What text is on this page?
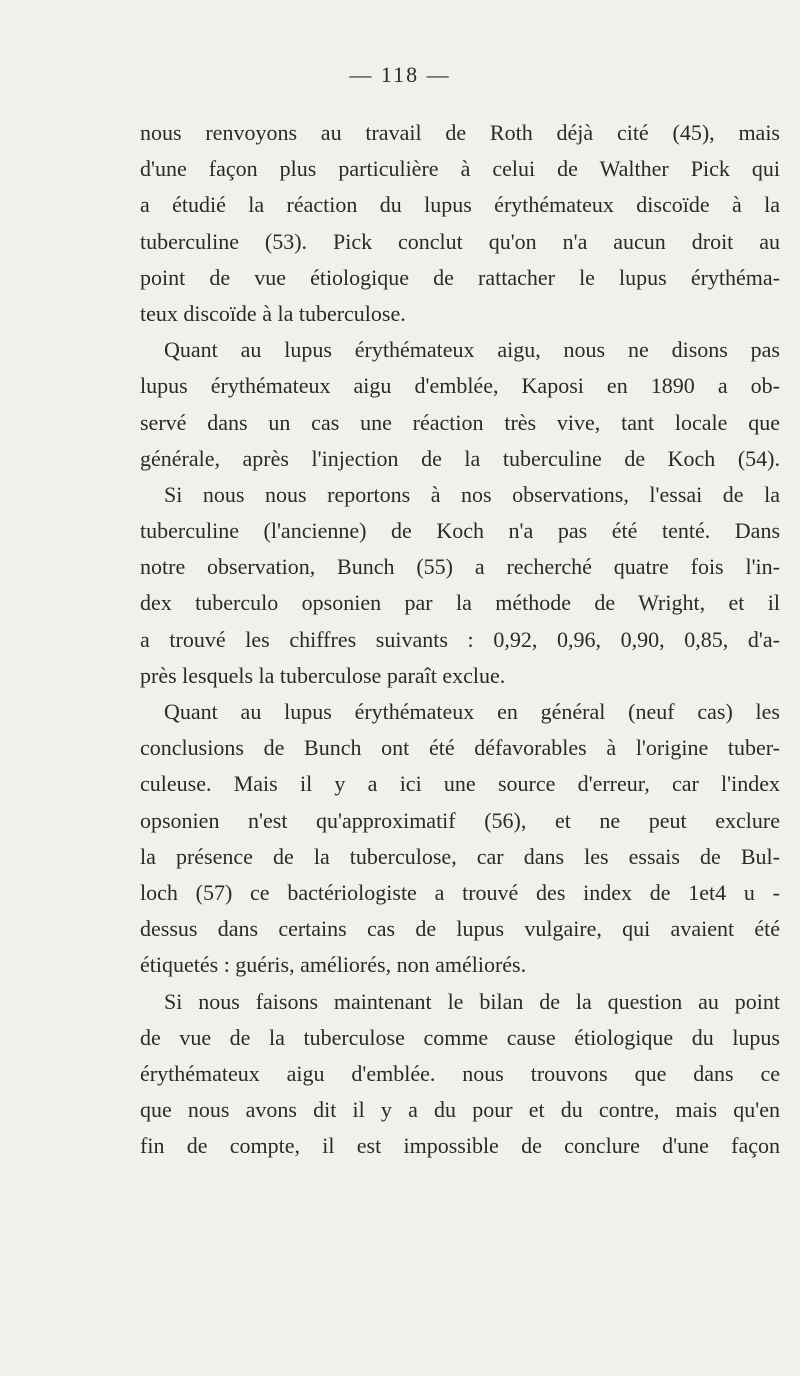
— 118 —
nous renvoyons au travail de Roth déjà cité (45), mais
d'une façon plus particulière à celui de Walther Pick qui
a étudié la réaction du lupus érythémateux discoïde à la
tuberculine (53). Pick conclut qu'on n'a aucun droit au
point de vue étiologique de rattacher le lupus érythéma-
teux discoïde à la tuberculose.
Quant au lupus érythémateux aigu, nous ne disons pas
lupus érythémateux aigu d'emblée, Kaposi en 1890 a ob-
servé dans un cas une réaction très vive, tant locale que
générale, après l'injection de la tuberculine de Koch (54).
Si nous nous reportons à nos observations, l'essai de la
tuberculine (l'ancienne) de Koch n'a pas été tenté. Dans
notre observation, Bunch (55) a recherché quatre fois l'in-
dex tuberculo opsonien par la méthode de Wright, et il
a trouvé les chiffres suivants : 0,92, 0,96, 0,90, 0,85, d'a-
près lesquels la tuberculose paraît exclue.
Quant au lupus érythémateux en général (neuf cas) les
conclusions de Bunch ont été défavorables à l'origine tuber-
culeuse. Mais il y a ici une source d'erreur, car l'index
opsonien n'est qu'approximatif (56), et ne peut exclure
la présence de la tuberculose, car dans les essais de Bul-
loch (57) ce bactériologiste a trouvé des index de 1et4 u -
dessus dans certains cas de lupus vulgaire, qui avaient été
étiquetés : guéris, améliorés, non améliorés.
Si nous faisons maintenant le bilan de la question au point
de vue de la tuberculose comme cause étiologique du lupus
érythémateux aigu d'emblée. nous trouvons que dans ce
que nous avons dit il y a du pour et du contre, mais qu'en
fin de compte, il est impossible de conclure d'une façon
